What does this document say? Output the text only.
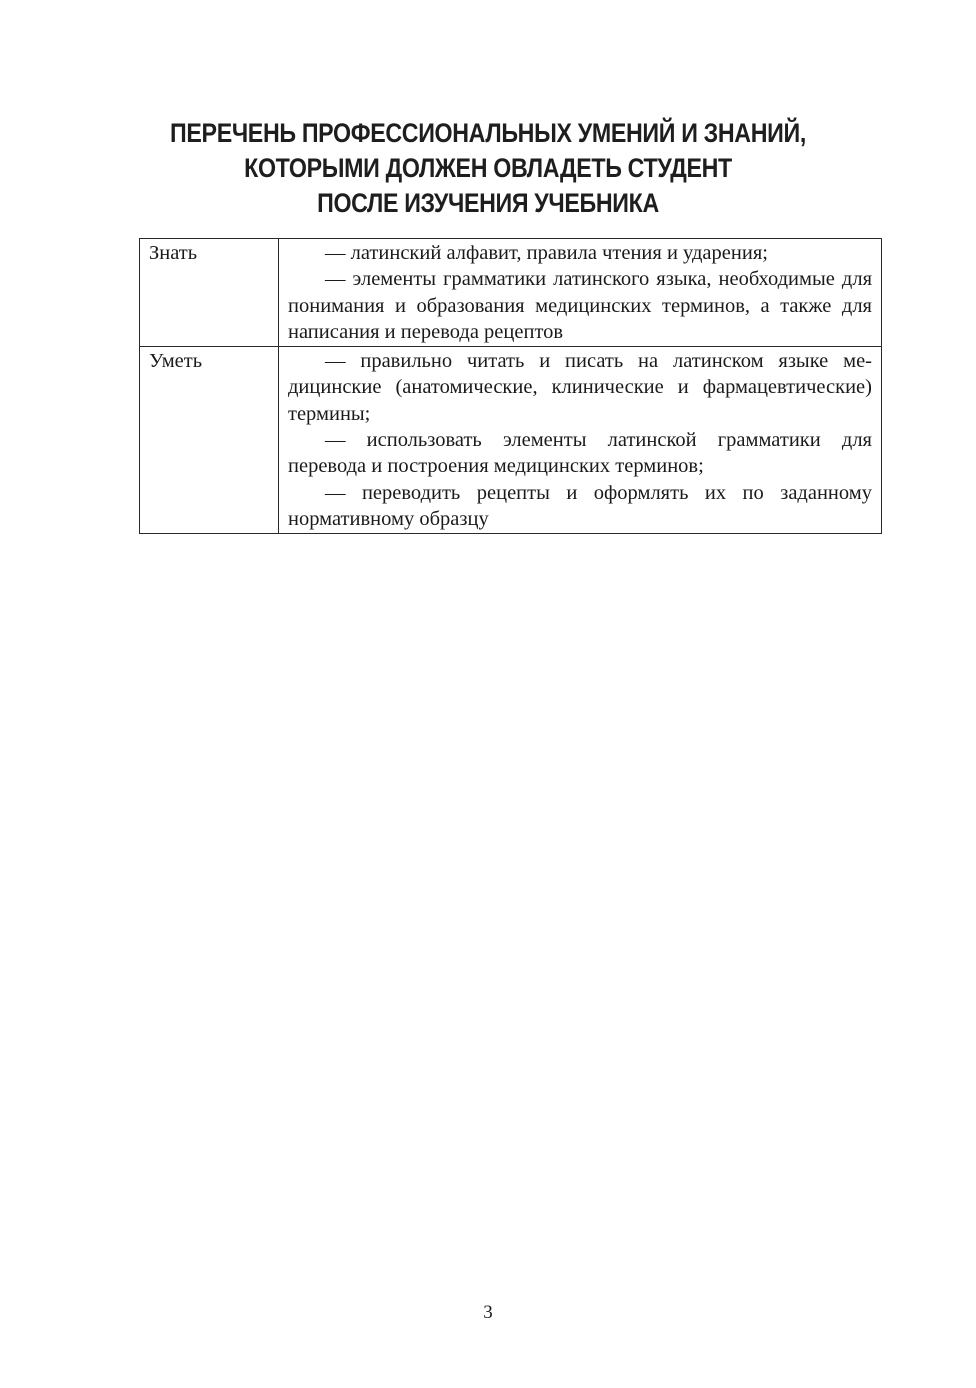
ПЕРЕЧЕНЬ ПРОФЕССИОНАЛЬНЫХ УМЕНИЙ И ЗНАНИЙ,
КОТОРЫМИ ДОЛЖЕН ОВЛАДЕТЬ СТУДЕНТ
ПОСЛЕ ИЗУЧЕНИЯ УЧЕБНИКА
Знать	— латинский алфавит, правила чтения и ударения;
— элементы грамматики латинского языка, необходимые для понимания и образования медицинских терминов, а также для написания и перевода рецептов

Уметь	— правильно читать и писать на латинском языке медицинские (анатомические, клинические и фармацевтические) термины;
— использовать элементы латинской грамматики для перевода и построения медицинских терминов;
— переводить рецепты и оформлять их по заданному нормативному образцу
3
